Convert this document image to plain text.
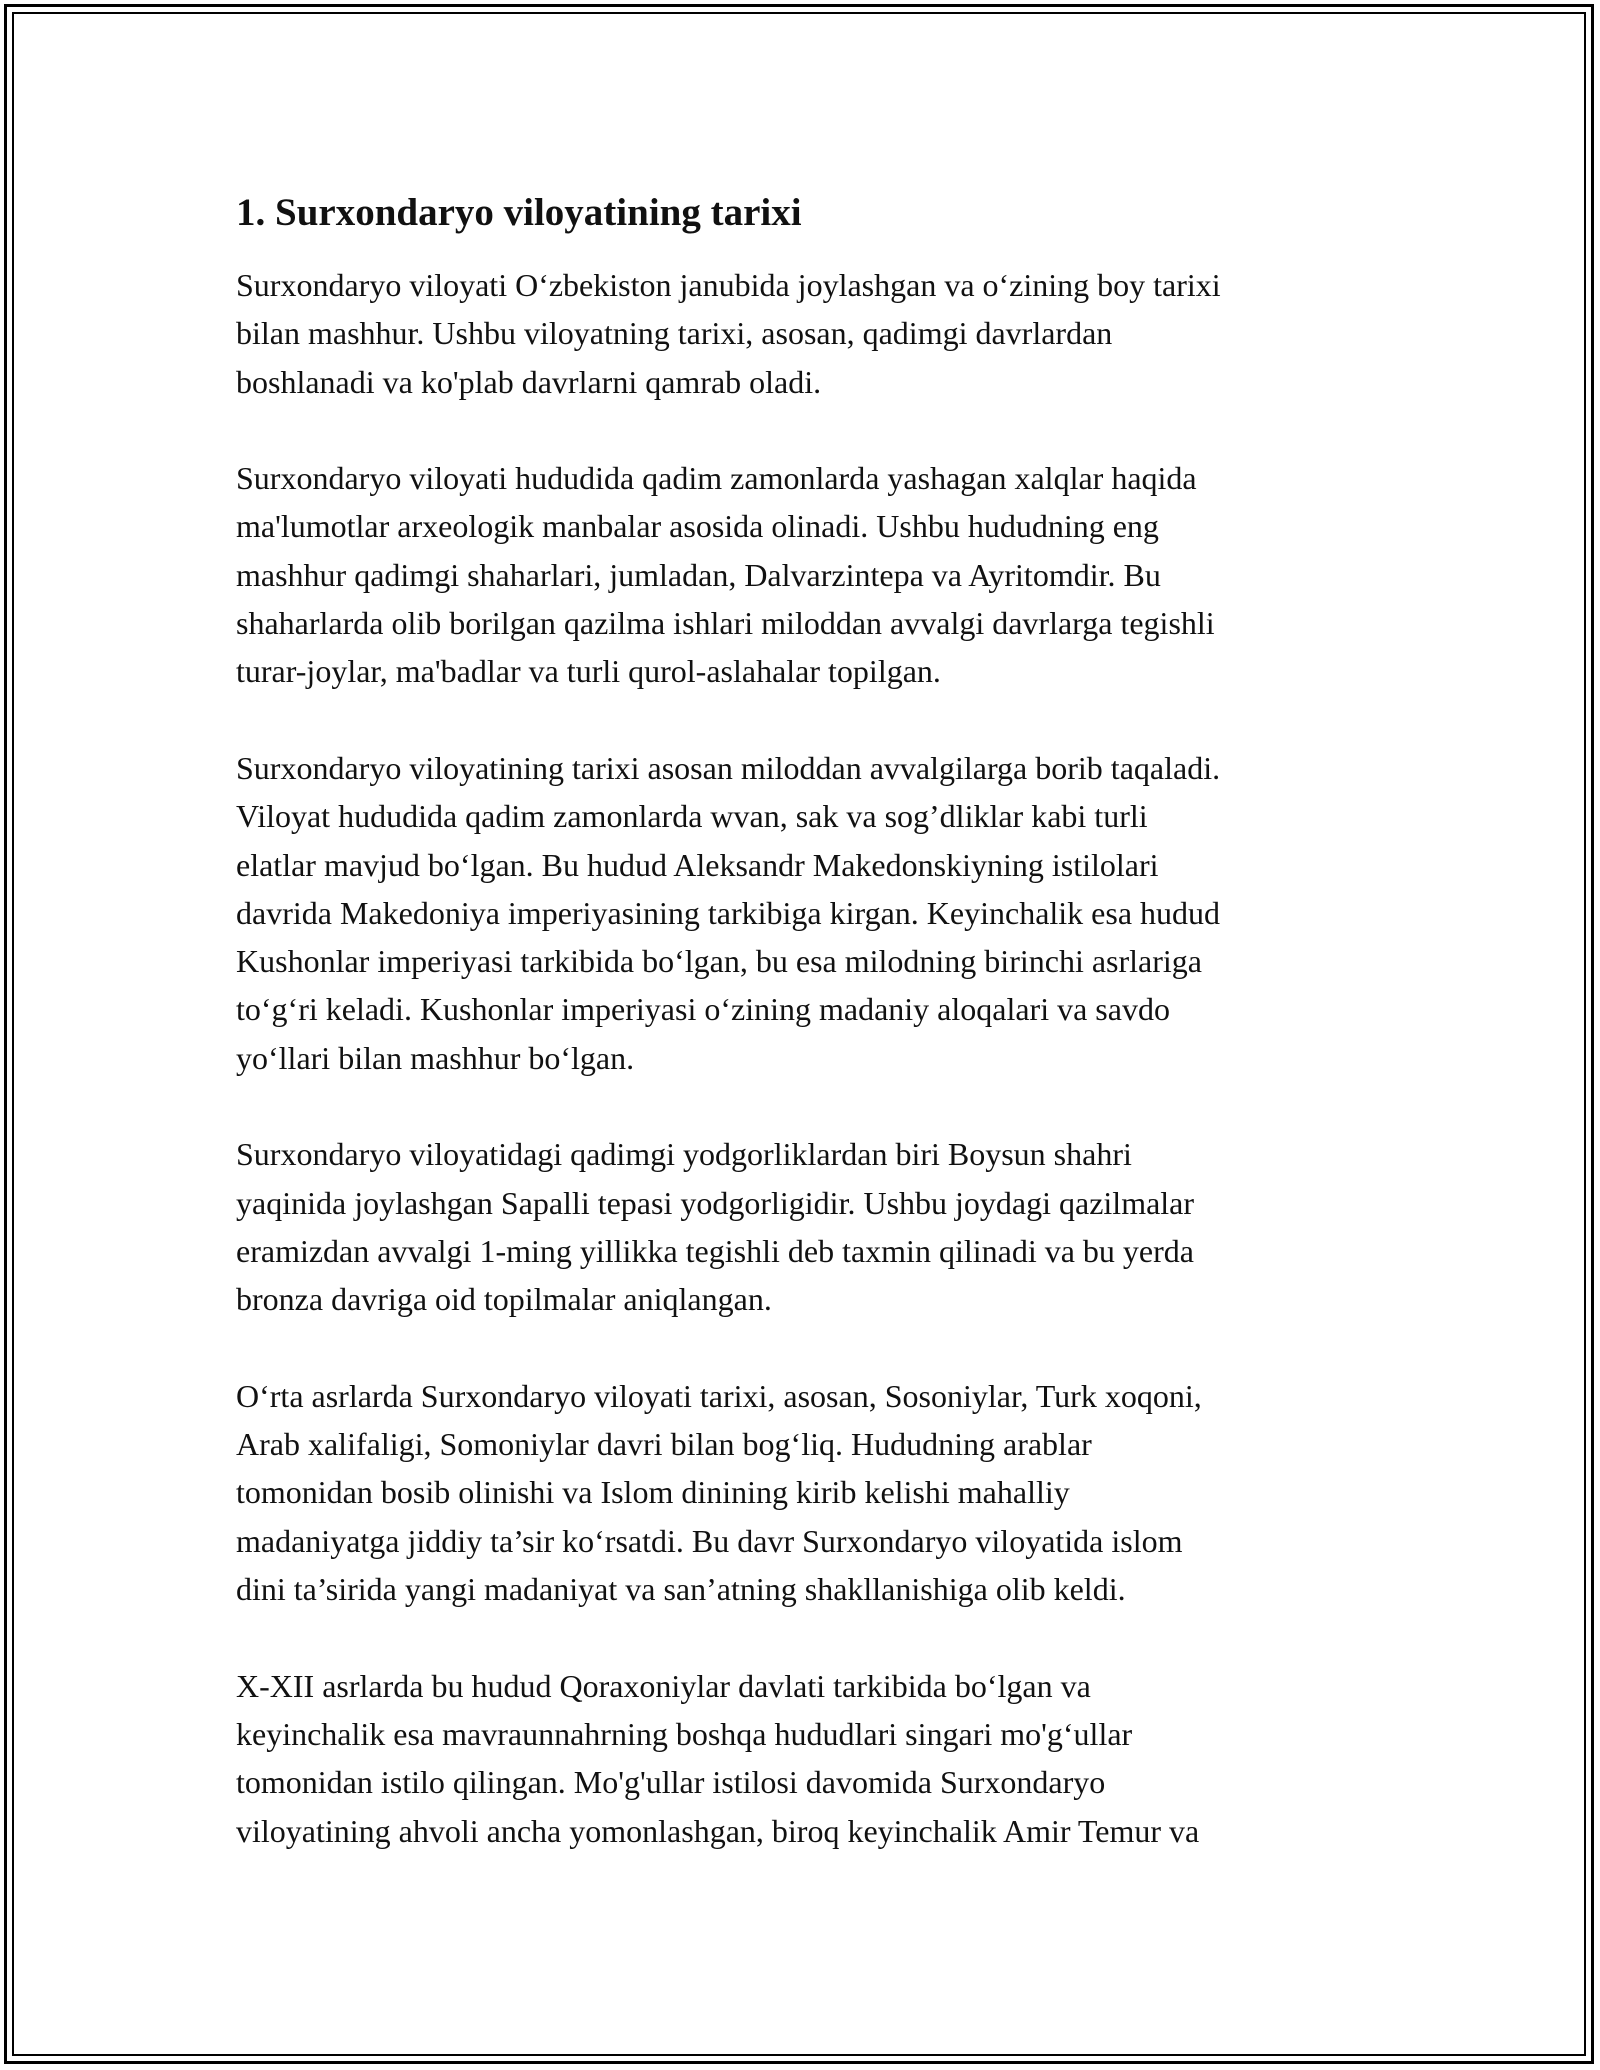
1. Surxondaryo viloyatining tarixi

Surxondaryo viloyati O‘zbekiston janubida joylashgan va o‘zining boy tarixi
bilan mashhur. Ushbu viloyatning tarixi, asosan, qadimgi davrlardan
boshlanadi va ko'plab davrlarni qamrab oladi.

Surxondaryo viloyati hududida qadim zamonlarda yashagan xalqlar haqida
ma'lumotlar arxeologik manbalar asosida olinadi. Ushbu hududning eng
mashhur qadimgi shaharlari, jumladan, Dalvarzintepa va Ayritomdir. Bu
shaharlarda olib borilgan qazilma ishlari miloddan avvalgi davrlarga tegishli
turar-joylar, ma'badlar va turli qurol-aslahalar topilgan.

Surxondaryo viloyatining tarixi asosan miloddan avvalgilarga borib taqaladi.
Viloyat hududida qadim zamonlarda wvan, sak va sog’dliklar kabi turli
elatlar mavjud bo‘lgan. Bu hudud Aleksandr Makedonskiyning istilolari
davrida Makedoniya imperiyasining tarkibiga kirgan. Keyinchalik esa hudud
Kushonlar imperiyasi tarkibida bo‘lgan, bu esa milodning birinchi asrlariga
to‘g‘ri keladi. Kushonlar imperiyasi o‘zining madaniy aloqalari va savdo
yo‘llari bilan mashhur bo‘lgan.

Surxondaryo viloyatidagi qadimgi yodgorliklardan biri Boysun shahri
yaqinida joylashgan Sapalli tepasi yodgorligidir. Ushbu joydagi qazilmalar
eramizdan avvalgi 1-ming yillikka tegishli deb taxmin qilinadi va bu yerda
bronza davriga oid topilmalar aniqlangan.

O‘rta asrlarda Surxondaryo viloyati tarixi, asosan, Sosoniylar, Turk xoqoni,
Arab xalifaligi, Somoniylar davri bilan bog‘liq. Hududning arablar
tomonidan bosib olinishi va Islom dinining kirib kelishi mahalliy
madaniyatga jiddiy ta’sir ko‘rsatdi. Bu davr Surxondaryo viloyatida islom
dini ta’sirida yangi madaniyat va san’atning shakllanishiga olib keldi.

X-XII asrlarda bu hudud Qoraxoniylar davlati tarkibida bo‘lgan va
keyinchalik esa mavraunnahrning boshqa hududlari singari mo'g‘ullar
tomonidan istilo qilingan. Mo'g'ullar istilosi davomida Surxondaryo
viloyatining ahvoli ancha yomonlashgan, biroq keyinchalik Amir Temur va
